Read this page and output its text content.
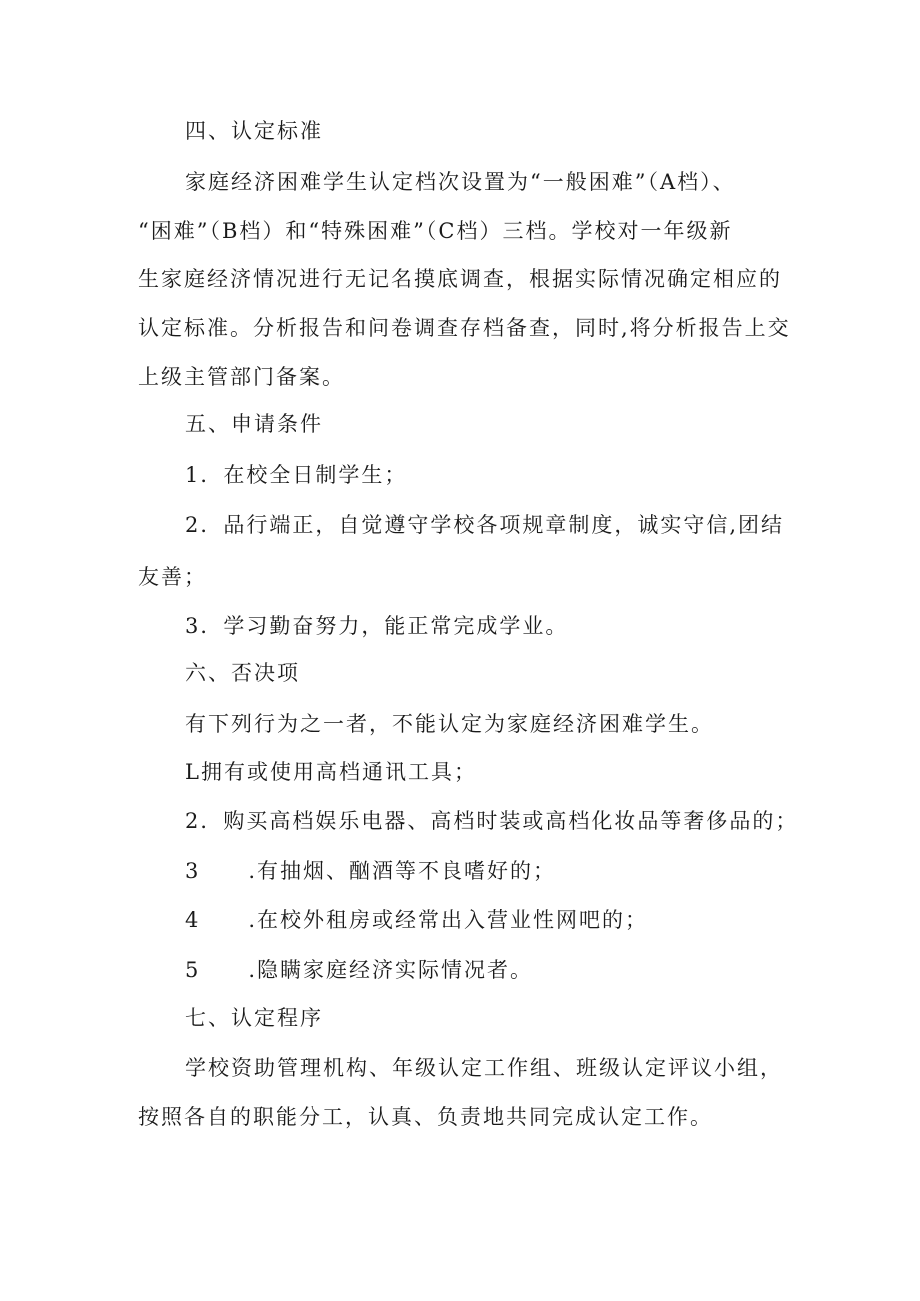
四、认定标准
家庭经济困难学生认定档次设置为“一般困难”（A档）、
“困难”（B档）和“特殊困难”（C档）三档。学校对一年级新
生家庭经济情况进行无记名摸底调查，根据实际情况确定相应的
认定标准。分析报告和问卷调查存档备查，同时,将分析报告上交
上级主管部门备案。
五、申请条件
1．在校全日制学生；
2．品行端正，自觉遵守学校各项规章制度，诚实守信,团结
友善；
3．学习勤奋努力，能正常完成学业。
六、否决项
有下列行为之一者，不能认定为家庭经济困难学生。
L拥有或使用高档通讯工具；
2．购买高档娱乐电器、高档时装或高档化妆品等奢侈品的；
3 .有抽烟、酗酒等不良嗜好的；
4 .在校外租房或经常出入营业性网吧的；
5 .隐瞒家庭经济实际情况者。
七、认定程序
学校资助管理机构、年级认定工作组、班级认定评议小组，
按照各自的职能分工，认真、负责地共同完成认定工作。
